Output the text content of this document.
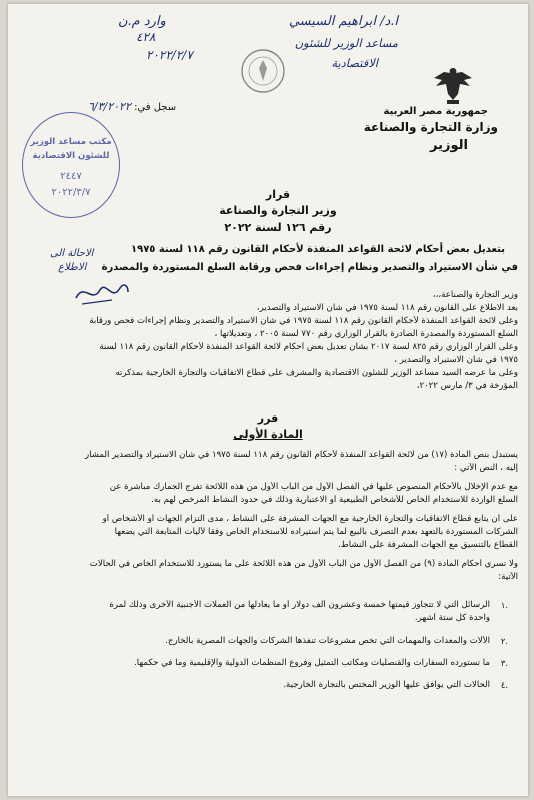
وارد م.ن
٤٢٨
٢٠٢٢/٢/٧
ا.د/ ابراهيم السيسي
مساعد الوزير للشئون
الاقتصادية
جمهورية مصر العربية
وزارة التجارة والصناعة
الوزير
سجل في: ٦/٣/٢٠٢٢
مكتب مساعد الوزير
للشئون الاقتصادية
٢٤٤٧
٢٠٢٢/٣/٧
الاحالة الى
الاطلاع
قرار
وزير التجارة والصناعة
رقم ١٢٦ لسنة ٢٠٢٢
بتعديل بعض أحكام لائحة القواعد المنفذة لأحكام القانون رقم ١١٨ لسنة ١٩٧٥
في شأن الاستيراد والتصدير ونظام إجراءات فحص ورقابة السلع المستوردة والمصدرة
وزير التجارة والصناعة،،،
بعد الاطلاع على القانون رقم ١١٨ لسنة ١٩٧٥ في شأن الاستيراد والتصدير،
وعلى لائحة القواعد المنفذة لأحكام القانون رقم ١١٨ لسنة ١٩٧٥ في شأن الاستيراد والتصدير ونظام إجراءات فحص ورقابة
السلع المستوردة والمصدرة الصادرة بالقرار الوزاري رقم ٧٧٠ لسنة ٢٠٠٥ ، وتعديلاتها ،
وعلى القرار الوزاري رقم ٨٢٥ لسنة ٢٠١٧ بشأن تعديل بعض أحكام لائحة القواعد المنفذة لأحكام القانون رقم ١١٨ لسنة
١٩٧٥ في شأن الاستيراد والتصدير ،
وعلى ما عرضه السيد مساعد الوزير للشئون الاقتصادية والمشرف على قطاع الاتفاقيات والتجارة الخارجية بمذكرته
المؤرخة في ٣/ مارس ٢٠٢٢،
قرر
المادة الأولى
يستبدل بنص المادة (١٧) من لائحة القواعد المنفذة لأحكام القانون رقم ١١٨ لسنة ١٩٧٥ في شأن الاستيراد والتصدير المشار
إليه ، النص الآتي :
مع عدم الإخلال بالأحكام المنصوص عليها في الفصل الأول من الباب الأول من هذه اللائحة تفرج الجمارك مباشرة عن
السلع الواردة للاستخدام الخاص للأشخاص الطبيعية أو الاعتبارية وذلك في حدود النشاط المرخص لهم به.
على أن يتابع قطاع الاتفاقيات والتجارة الخارجية مع الجهات المشرفة على النشاط ، مدى التزام الجهات أو الأشخاص أو
الشركات المستوردة بالتعهد بعدم التصرف بالبيع لما يتم استيراده للاستخدام الخاص وفقا لآليات المتابعة التي يضعها
القطاع بالتنسيق مع الجهات المشرفة على النشاط.
ولا تسري أحكام المادة (٩) من الفصل الأول من الباب الأول من هذه اللائحة على ما يستورد للاستخدام الخاص في الحالات
الآتية:
١.
الرسائل التي لا تتجاوز قيمتها خمسة وعشرون ألف دولار أو ما يعادلها من العملات الأجنبية الأخرى وذلك لمرة
واحدة كل ستة أشهر.
٢.
الآلات والمعدات والمهمات التي تخص مشروعات تنفذها الشركات والجهات المصرية بالخارج.
٣.
ما تستورده السفارات والقنصليات ومكاتب التمثيل وفروع المنظمات الدولية والإقليمية وما في حكمها.
٤.
الحالات التي يوافق عليها الوزير المختص بالتجارة الخارجية.
